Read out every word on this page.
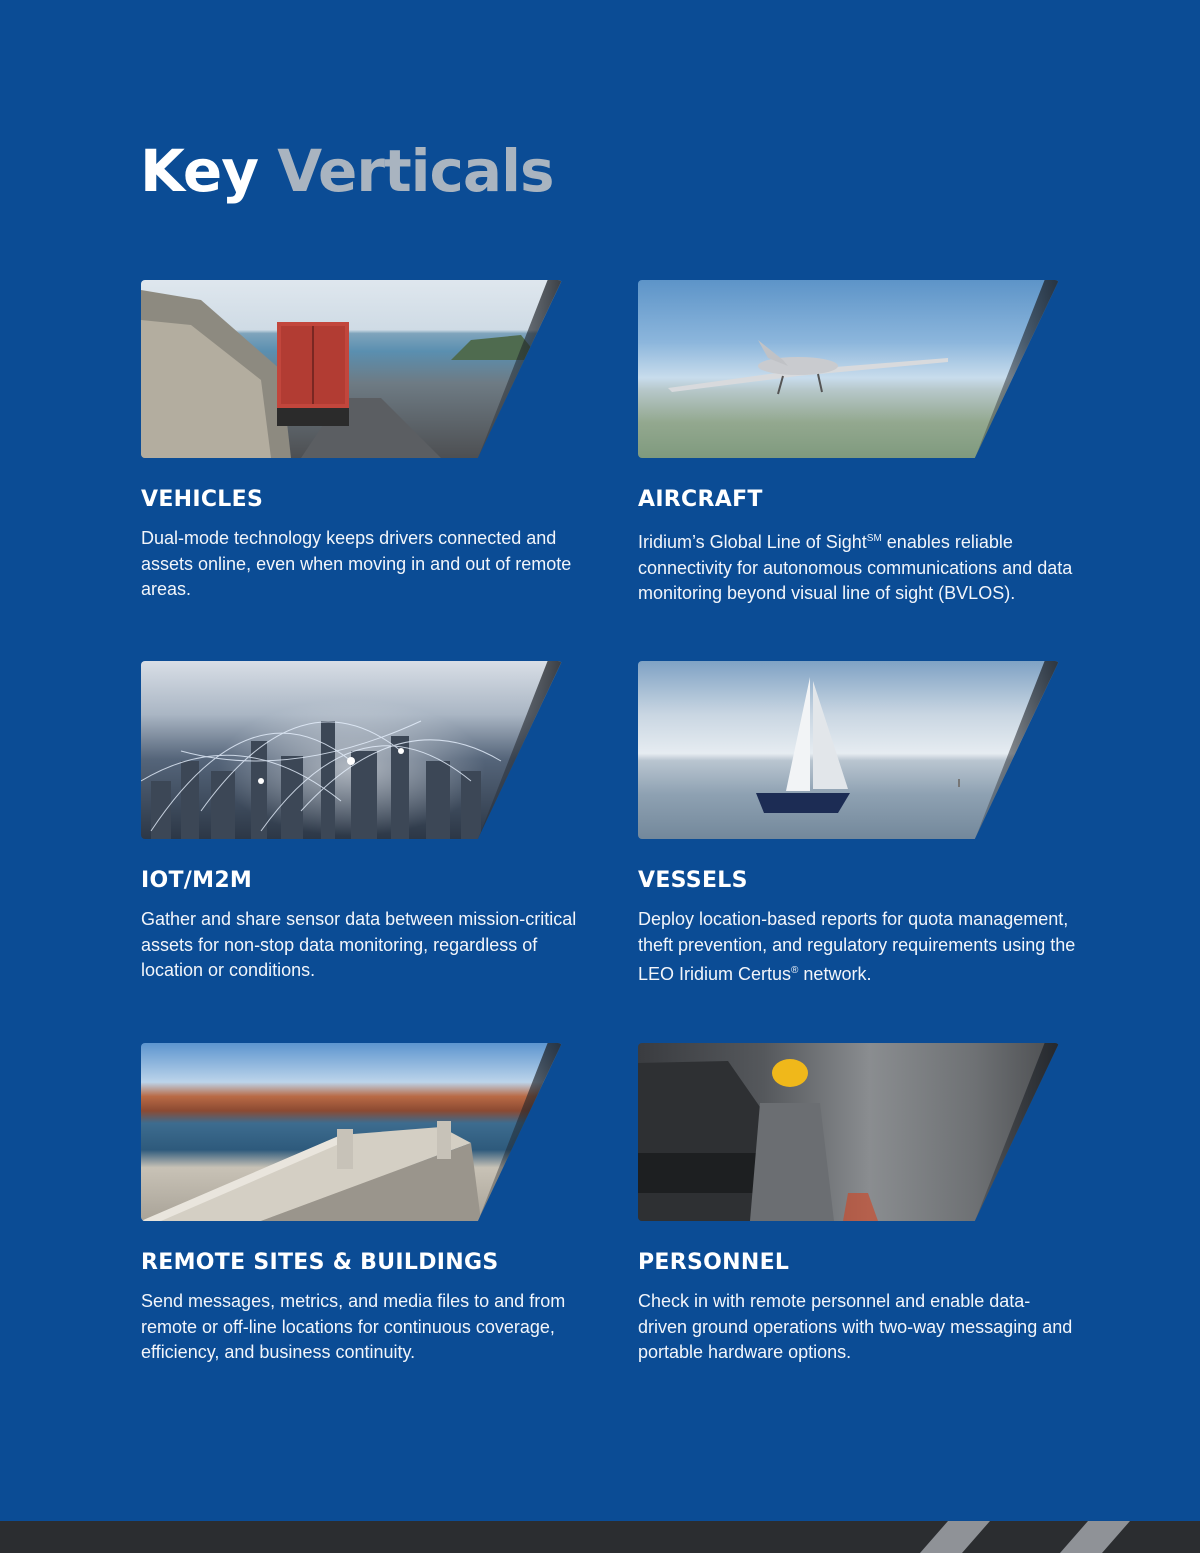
Key Verticals
VEHICLES

Dual-mode technology keeps drivers connected and assets online, even when moving in and out of remote areas.

AIRCRAFT

Iridium’s Global Line of Sight℠ enables reliable connectivity for autonomous communications and data monitoring beyond visual line of sight (BVLOS).

IOT/M2M

Gather and share sensor data between mission-critical assets for non-stop data monitoring, regardless of location or conditions.

VESSELS

Deploy location-based reports for quota management, theft prevention, and regulatory requirements using the LEO Iridium Certus® network.

REMOTE SITES & BUILDINGS

Send messages, metrics, and media files to and from remote or off-line locations for continuous coverage, efficiency, and business continuity.

PERSONNEL

Check in with remote personnel and enable data-driven ground operations with two-way messaging and portable hardware options.
